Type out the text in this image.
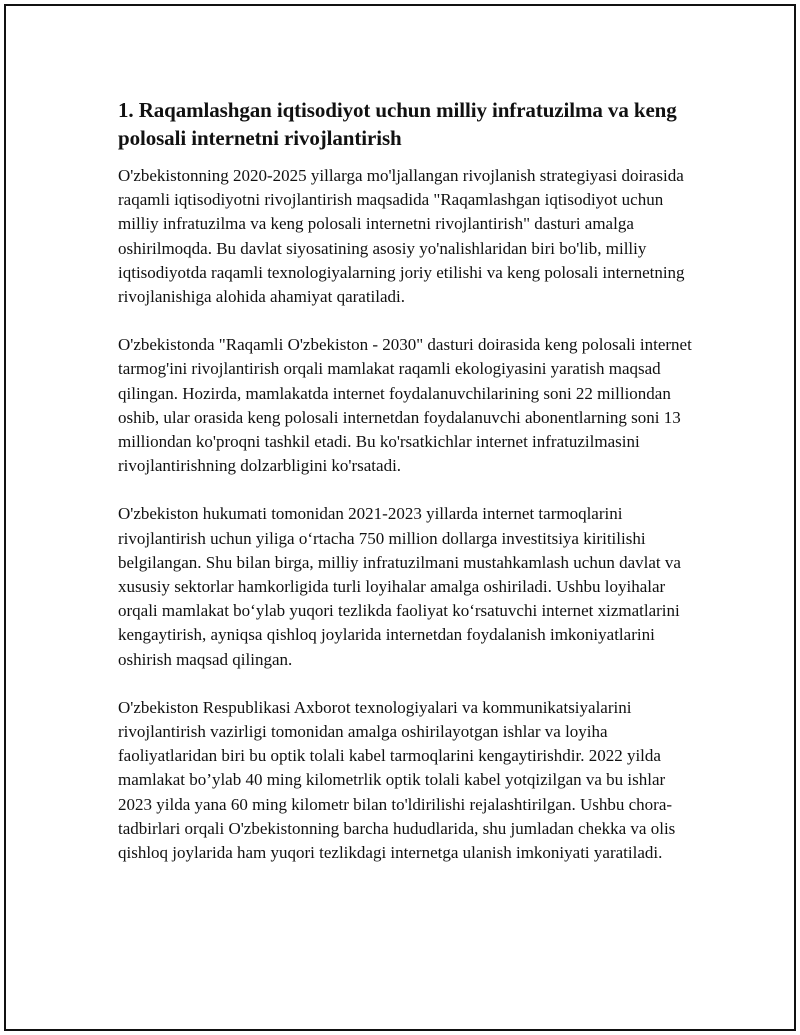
1. Raqamlashgan iqtisodiyot uchun milliy infratuzilma va keng polosali internetni rivojlantirish

O'zbekistonning 2020-2025 yillarga mo'ljallangan rivojlanish strategiyasi doirasida raqamli iqtisodiyotni rivojlantirish maqsadida "Raqamlashgan iqtisodiyot uchun milliy infratuzilma va keng polosali internetni rivojlantirish" dasturi amalga oshirilmoqda. Bu davlat siyosatining asosiy yo'nalishlaridan biri bo'lib, milliy iqtisodiyotda raqamli texnologiyalarning joriy etilishi va keng polosali internetning rivojlanishiga alohida ahamiyat qaratiladi.

O'zbekistonda "Raqamli O'zbekiston - 2030" dasturi doirasida keng polosali internet tarmog'ini rivojlantirish orqali mamlakat raqamli ekologiyasini yaratish maqsad qilingan. Hozirda, mamlakatda internet foydalanuvchilarining soni 22 milliondan oshib, ular orasida keng polosali internetdan foydalanuvchi abonentlarning soni 13 milliondan ko'proqni tashkil etadi. Bu ko'rsatkichlar internet infratuzilmasini rivojlantirishning dolzarbligini ko'rsatadi.

O'zbekiston hukumati tomonidan 2021-2023 yillarda internet tarmoqlarini rivojlantirish uchun yiliga o‘rtacha 750 million dollarga investitsiya kiritilishi belgilangan. Shu bilan birga, milliy infratuzilmani mustahkamlash uchun davlat va xususiy sektorlar hamkorligida turli loyihalar amalga oshiriladi. Ushbu loyihalar orqali mamlakat bo‘ylab yuqori tezlikda faoliyat ko‘rsatuvchi internet xizmatlarini kengaytirish, ayniqsa qishloq joylarida internetdan foydalanish imkoniyatlarini oshirish maqsad qilingan.

O'zbekiston Respublikasi Axborot texnologiyalari va kommunikatsiyalarini rivojlantirish vazirligi tomonidan amalga oshirilayotgan ishlar va loyiha faoliyatlaridan biri bu optik tolali kabel tarmoqlarini kengaytirishdir. 2022 yilda mamlakat bo’ylab 40 ming kilometrlik optik tolali kabel yotqizilgan va bu ishlar 2023 yilda yana 60 ming kilometr bilan to'ldirilishi rejalashtirilgan. Ushbu chora-tadbirlari orqali O'zbekistonning barcha hududlarida, shu jumladan chekka va olis qishloq joylarida ham yuqori tezlikdagi internetga ulanish imkoniyati yaratiladi.
